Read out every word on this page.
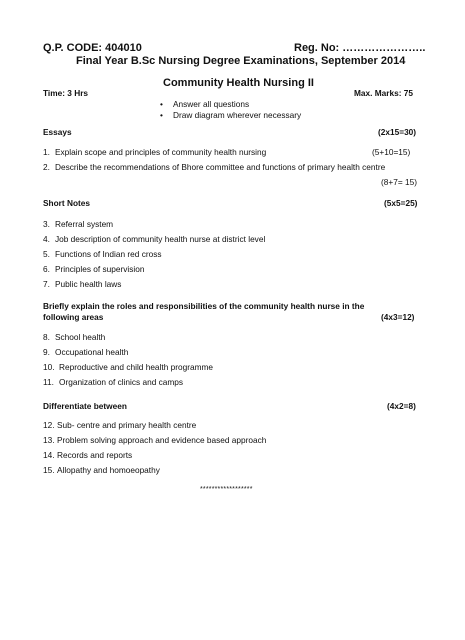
Q.P. CODE: 404010	Reg. No: …………………..
Final Year B.Sc Nursing Degree Examinations, September 2014
Community Health Nursing II
Time: 3 Hrs	Max. Marks: 75
• Answer all questions
• Draw diagram wherever necessary
Essays	(2x15=30)
1. Explain scope and principles of community health nursing	(5+10=15)
2. Describe the recommendations of Bhore committee and functions of primary health centre
(8+7= 15)
Short Notes	(5x5=25)
3. Referral system
4. Job description of community health nurse at district level
5. Functions of Indian red cross
6. Principles of supervision
7. Public health laws
Briefly explain the roles and responsibilities of the community health nurse in the
following areas	(4x3=12)
8. School health
9. Occupational health
10. Reproductive and child health programme
11. Organization of clinics and camps
Differentiate between	(4x2=8)
12. Sub- centre and primary health centre
13. Problem solving approach and evidence based approach
14. Records and reports
15. Allopathy and homoeopathy
******************
